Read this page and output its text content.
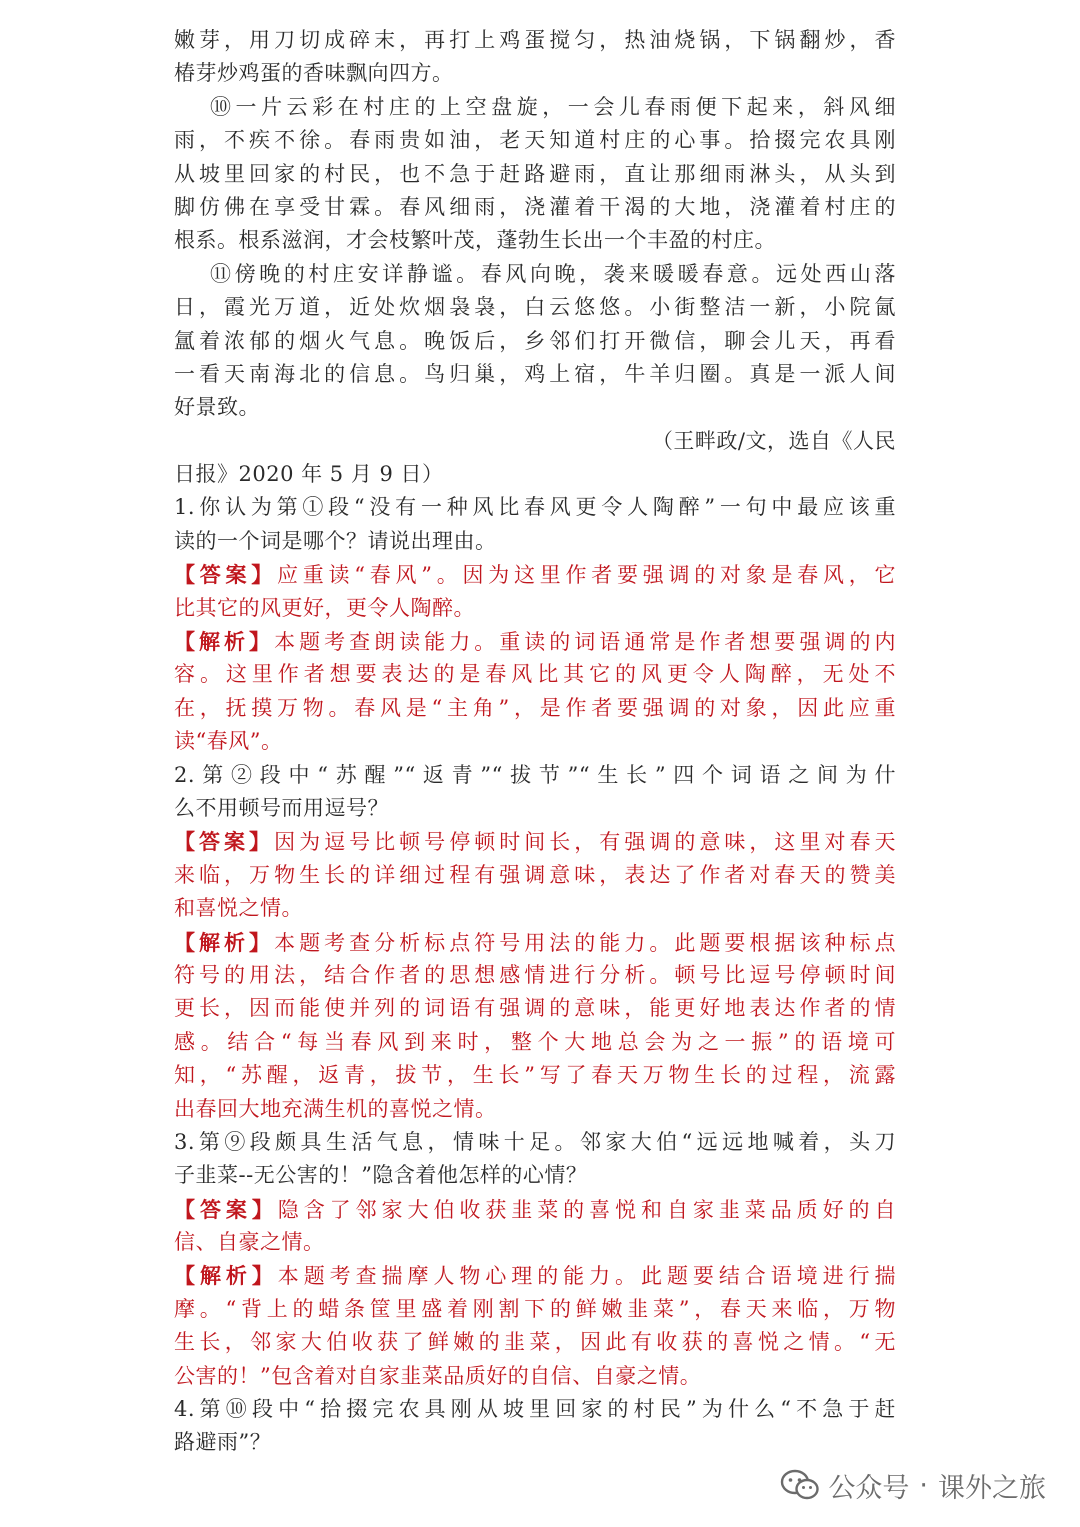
嫩芽，用刀切成碎末，再打上鸡蛋搅匀，热油烧锅，下锅翻炒，香
椿芽炒鸡蛋的香味飘向四方。
⑩一片云彩在村庄的上空盘旋，一会儿春雨便下起来，斜风细
雨，不疾不徐。春雨贵如油，老天知道村庄的心事。拾掇完农具刚
从坡里回家的村民，也不急于赶路避雨，直让那细雨淋头，从头到
脚仿佛在享受甘霖。春风细雨，浇灌着干渴的大地，浇灌着村庄的
根系。根系滋润，才会枝繁叶茂，蓬勃生长出一个丰盈的村庄。
⑪傍晚的村庄安详静谧。春风向晚，袭来暖暖春意。远处西山落
日，霞光万道，近处炊烟袅袅，白云悠悠。小街整洁一新，小院氤
氲着浓郁的烟火气息。晚饭后，乡邻们打开微信，聊会儿天，再看
一看天南海北的信息。鸟归巢，鸡上宿，牛羊归圈。真是一派人间
好景致。
（王畔政/文，选自《人民
日报》2020 年 5 月 9 日）
1.你认为第①段“没有一种风比春风更令人陶醉”一句中最应该重
读的一个词是哪个？请说出理由。
【答案】应重读“春风”。因为这里作者要强调的对象是春风，它
比其它的风更好，更令人陶醉。
【解析】本题考查朗读能力。重读的词语通常是作者想要强调的内
容。这里作者想要表达的是春风比其它的风更令人陶醉，无处不
在，抚摸万物。春风是“主角”，是作者要强调的对象，因此应重
读“春风”。
2.第②段中“苏醒”“返青”“拔节”“生长”四个词语之间为什
么不用顿号而用逗号？
【答案】因为逗号比顿号停顿时间长，有强调的意味，这里对春天
来临，万物生长的详细过程有强调意味，表达了作者对春天的赞美
和喜悦之情。
【解析】本题考查分析标点符号用法的能力。此题要根据该种标点
符号的用法，结合作者的思想感情进行分析。顿号比逗号停顿时间
更长，因而能使并列的词语有强调的意味，能更好地表达作者的情
感。结合“每当春风到来时，整个大地总会为之一振”的语境可
知，“苏醒，返青，拔节，生长”写了春天万物生长的过程，流露
出春回大地充满生机的喜悦之情。
3.第⑨段颇具生活气息，情味十足。邻家大伯“远远地喊着，头刀
子韭菜--无公害的！”隐含着他怎样的心情？
【答案】隐含了邻家大伯收获韭菜的喜悦和自家韭菜品质好的自
信、自豪之情。
【解析】本题考查揣摩人物心理的能力。此题要结合语境进行揣
摩。“背上的蜡条筐里盛着刚割下的鲜嫩韭菜”，春天来临，万物
生长，邻家大伯收获了鲜嫩的韭菜，因此有收获的喜悦之情。“无
公害的！”包含着对自家韭菜品质好的自信、自豪之情。
4.第⑩段中“拾掇完农具刚从坡里回家的村民”为什么“不急于赶
路避雨”？
公众号 · 课外之旅
